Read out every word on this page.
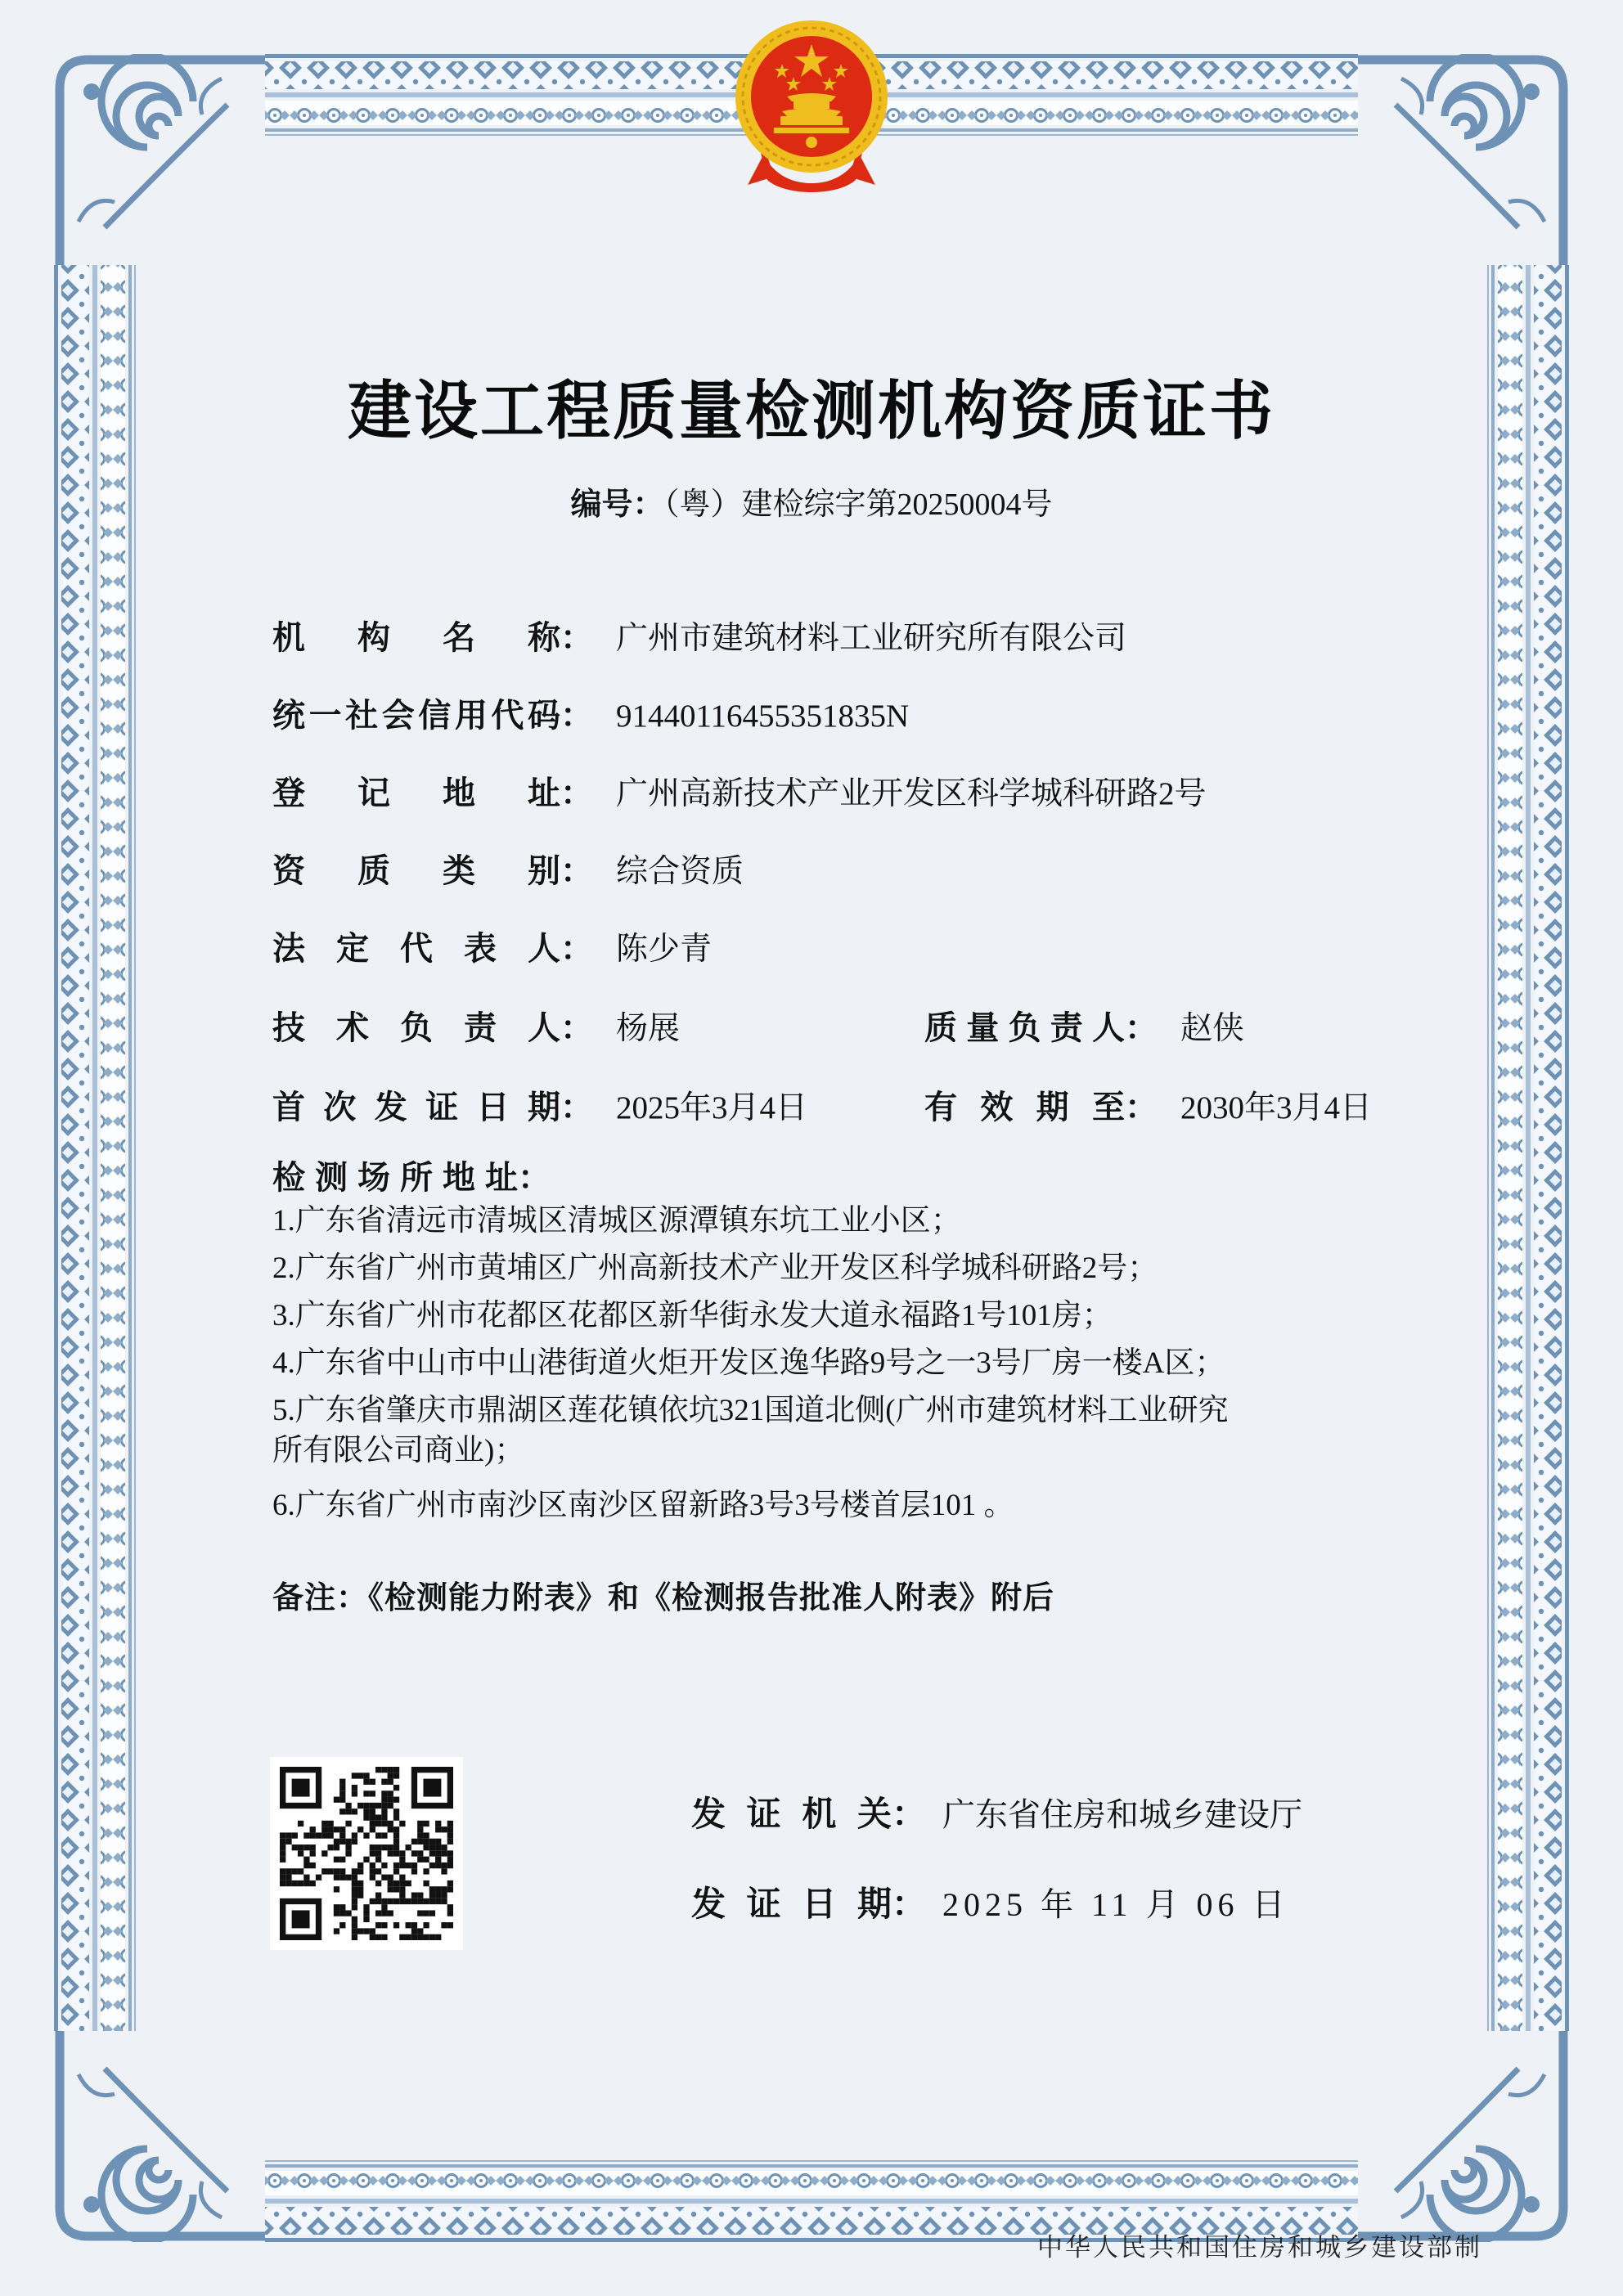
建设工程质量检测机构资质证书
编号：（粤）建检综字第20250004号
机构名称： 广州市建筑材料工业研究所有限公司
统一社会信用代码： 91440116455351835N
登记地址： 广州高新技术产业开发区科学城科研路2号
资质类别： 综合资质
法定代表人： 陈少青
技术负责人： 杨展	质量负责人： 赵侠
首次发证日期： 2025年3月4日	有效期至： 2030年3月4日
检测场所地址：
1.广东省清远市清城区清城区源潭镇东坑工业小区；
2.广东省广州市黄埔区广州高新技术产业开发区科学城科研路2号；
3.广东省广州市花都区花都区新华街永发大道永福路1号101房；
4.广东省中山市中山港街道火炬开发区逸华路9号之一3号厂房一楼A区；
5.广东省肇庆市鼎湖区莲花镇依坑321国道北侧(广州市建筑材料工业研究所有限公司商业)；
6.广东省广州市南沙区南沙区留新路3号3号楼首层101 。
备注：《检测能力附表》和《检测报告批准人附表》附后
发证机关： 广东省住房和城乡建设厅
发证日期： 2025 年 11 月 06 日
中华人民共和国住房和城乡建设部制
